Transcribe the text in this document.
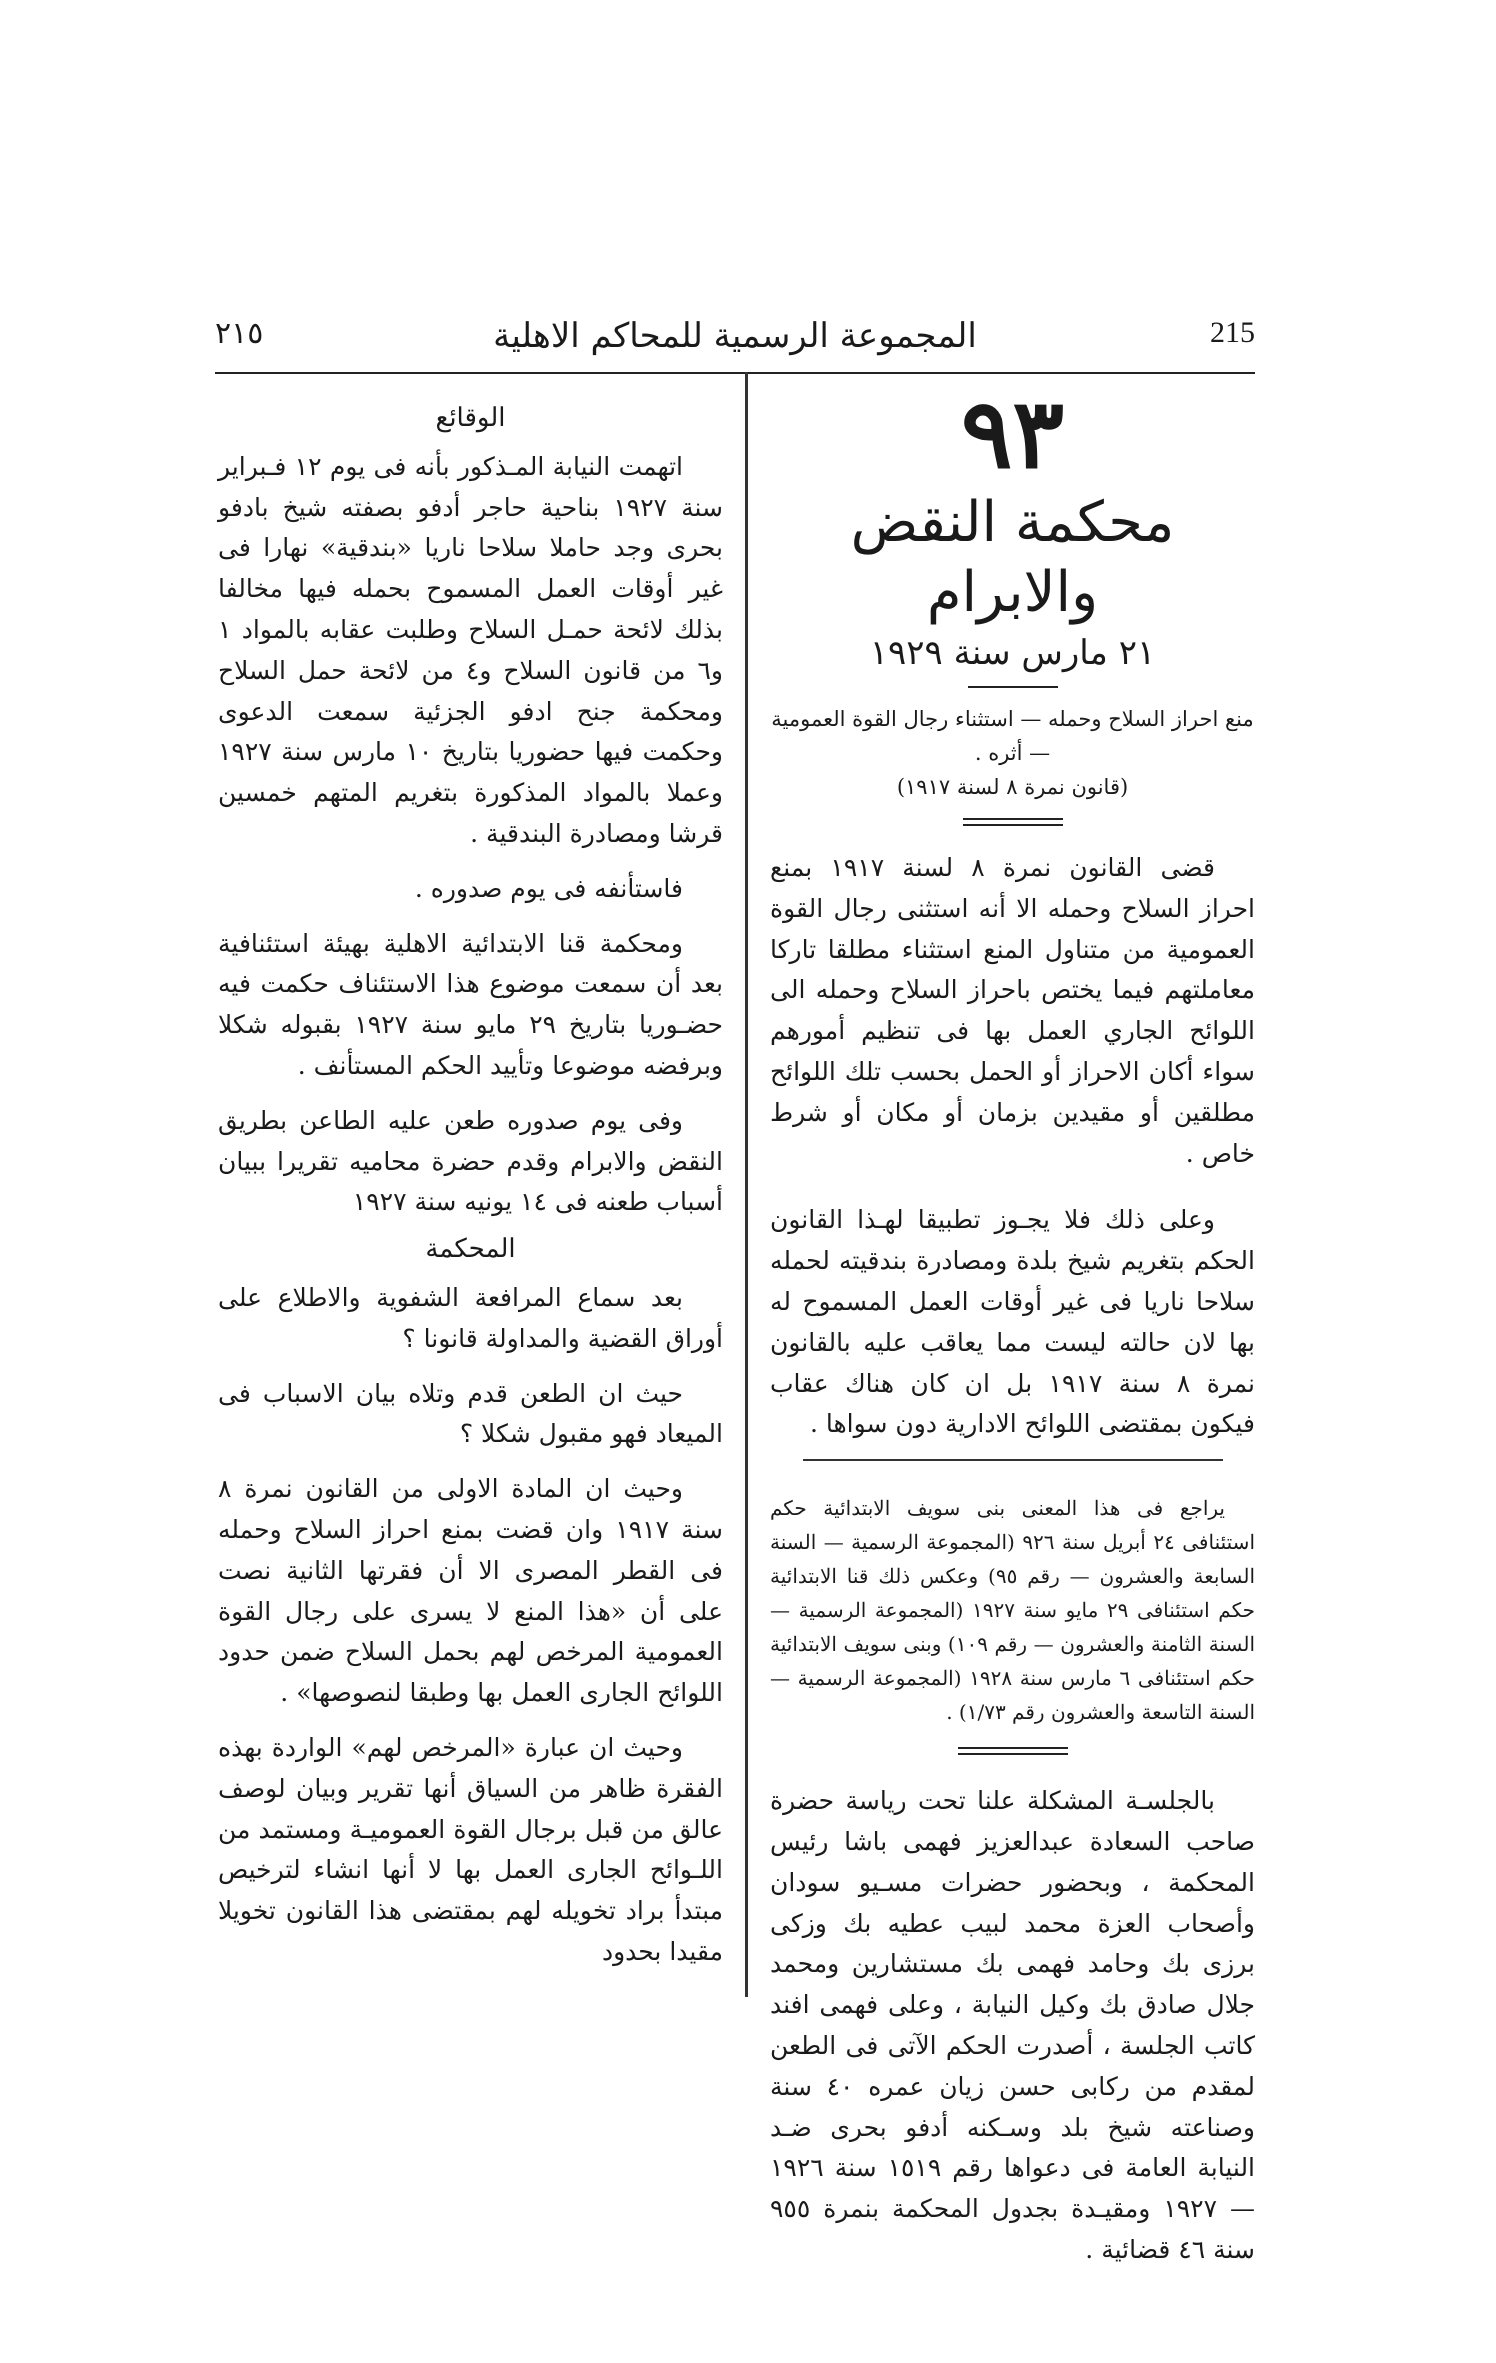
٢١٥	المجموعة الرسمية للمحاكم الاهلية	215

٩٣

محكمة النقض والابرام

٢١ مارس سنة ١٩٢٩

منع احراز السلاح وحمله — استثناء رجال القوة العمومية — أثره .

(قانون نمرة ٨ لسنة ١٩١٧)

قضى القانون نمرة ٨ لسنة ١٩١٧ بمنع احراز السلاح وحمله الا أنه استثنى رجال القوة العمومية من متناول المنع استثناء مطلقا تاركا معاملتهم فيما يختص باحراز السلاح وحمله الى اللوائح الجاري العمل بها فى تنظيم أمورهم سواء أكان الاحراز أو الحمل بحسب تلك اللوائح مطلقين أو مقيدين بزمان أو مكان أو شرط خاص .

وعلى ذلك فلا يجـوز تطبيقا لهـذا القانون الحكم بتغريم شيخ بلدة ومصادرة بندقيته لحمله سلاحا ناريا فى غير أوقات العمل المسموح له بها لان حالته ليست مما يعاقب عليه بالقانون نمرة ٨ سنة ١٩١٧ بل ان كان هناك عقاب فيكون بمقتضى اللوائح الادارية دون سواها .

يراجع فى هذا المعنى بنى سويف الابتدائية حكم استئنافى ٢٤ أبريل سنة ٩٢٦ (المجموعة الرسمية — السنة السابعة والعشرون — رقم ٩٥) وعكس ذلك قنا الابتدائية حكم استئنافى ٢٩ مايو سنة ١٩٢٧ (المجموعة الرسمية — السنة الثامنة والعشرون — رقم ١٠٩) وبنى سويف الابتدائية حكم استئنافى ٦ مارس سنة ١٩٢٨ (المجموعة الرسمية — السنة التاسعة والعشرون رقم ١/٧٣) .

بالجلسـة المشكلة علنا تحت رياسة حضرة صاحب السعادة عبدالعزيز فهمى باشا رئيس المحكمة ، وبحضور حضرات مسـيو سودان وأصحاب العزة محمد لبيب عطيه بك وزكى برزى بك وحامد فهمى بك مستشارين ومحمد جلال صادق بك وكيل النيابة ، وعلى فهمى افند كاتب الجلسة ، أصدرت الحكم الآتى فى الطعن لمقدم من ركابى حسن زيان عمره ٤٠ سنة وصناعته شيخ بلد وسـكنه أدفو بحرى ضـد النيابة العامة فى دعواها رقم ١٥١٩ سنة ١٩٢٦ — ١٩٢٧ ومقيـدة بجدول المحكمة بنمرة ٩٥٥ سنة ٤٦ قضائية .

الوقائع

اتهمت النيابة المـذكور بأنه فى يوم ١٢ فـبراير سنة ١٩٢٧ بناحية حاجر أدفو بصفته شيخ بادفو بحرى وجد حاملا سلاحا ناريا «بندقية» نهارا فى غير أوقات العمل المسموح بحمله فيها مخالفا بذلك لائحة حمـل السلاح وطلبت عقابه بالمواد ١ و٦ من قانون السلاح و٤ من لائحة حمل السلاح ومحكمة جنح ادفو الجزئية سمعت الدعوى وحكمت فيها حضوريا بتاريخ ١٠ مارس سنة ١٩٢٧ وعملا بالمواد المذكورة بتغريم المتهم خمسين قرشا ومصادرة البندقية .

فاستأنفه فى يوم صدوره .

ومحكمة قنا الابتدائية الاهلية بهيئة استئنافية بعد أن سمعت موضوع هذا الاستئناف حكمت فيه حضـوريا بتاريخ ٢٩ مايو سنة ١٩٢٧ بقبوله شكلا وبرفضه موضوعا وتأييد الحكم المستأنف .

وفى يوم صدوره طعن عليه الطاعن بطريق النقض والابرام وقدم حضرة محاميه تقريرا ببيان أسباب طعنه فى ١٤ يونيه سنة ١٩٢٧

المحكمة

بعد سماع المرافعة الشفوية والاطلاع على أوراق القضية والمداولة قانونا ؟

حيث ان الطعن قدم وتلاه بيان الاسباب فى الميعاد فهو مقبول شكلا ؟

وحيث ان المادة الاولى من القانون نمرة ٨ سنة ١٩١٧ وان قضت بمنع احراز السلاح وحمله فى القطر المصرى الا أن فقرتها الثانية نصت على أن «هذا المنع لا يسرى على رجال القوة العمومية المرخص لهم بحمل السلاح ضمن حدود اللوائح الجارى العمل بها وطبقا لنصوصها» .

وحيث ان عبارة «المرخص لهم» الواردة بهذه الفقرة ظاهر من السياق أنها تقرير وبيان لوصف عالق من قبل برجال القوة العموميـة ومستمد من اللـوائح الجارى العمل بها لا أنها انشاء لترخيص مبتدأ براد تخويله لهم بمقتضى هذا القانون تخويلا مقيدا بحدود
